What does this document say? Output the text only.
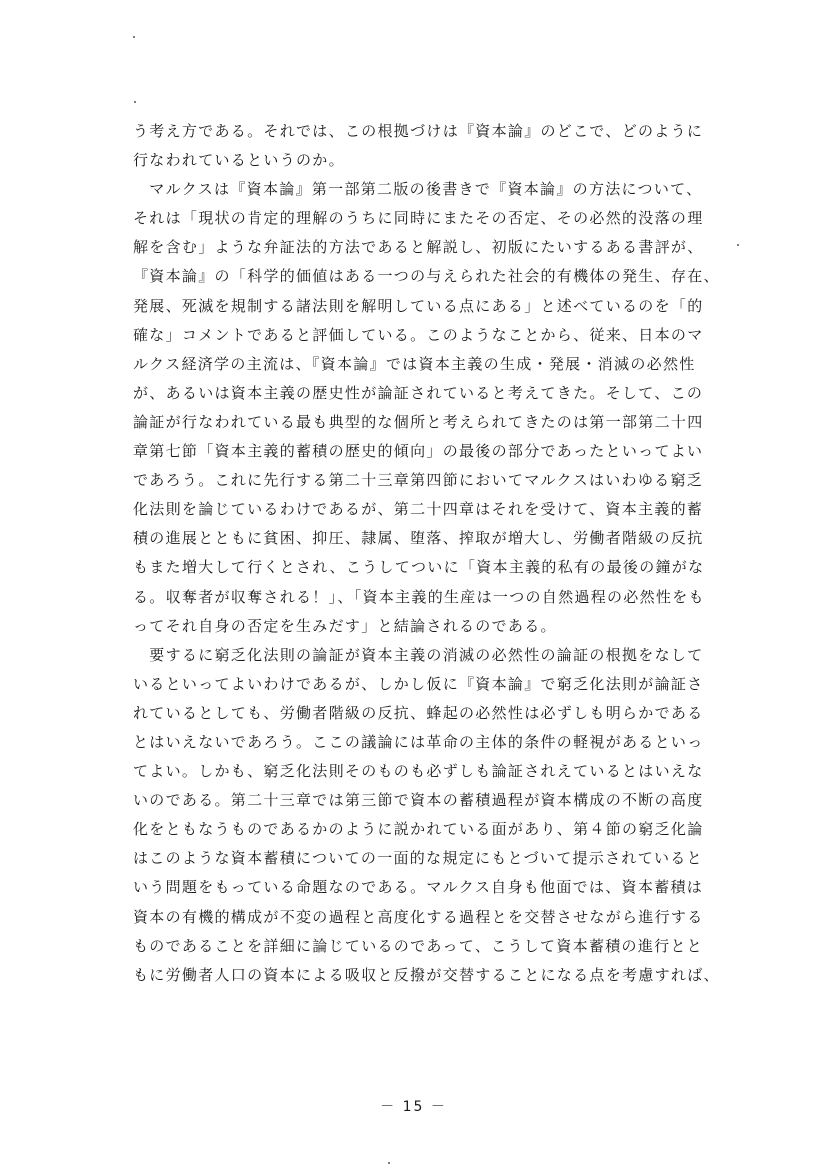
う考え方である。それでは、この根拠づけは『資本論』のどこで、どのように
行なわれているというのか。
　マルクスは『資本論』第一部第二版の後書きで『資本論』の方法について、
それは「現状の肯定的理解のうちに同時にまたその否定、その必然的没落の理
解を含む」ような弁証法的方法であると解説し、初版にたいするある書評が、
『資本論』の「科学的価値はある一つの与えられた社会的有機体の発生、存在、
発展、死滅を規制する諸法則を解明している点にある」と述べているのを「的
確な」コメントであると評価している。このようなことから、従来、日本のマ
ルクス経済学の主流は、『資本論』では資本主義の生成・発展・消滅の必然性
が、あるいは資本主義の歴史性が論証されていると考えてきた。そして、この
論証が行なわれている最も典型的な個所と考えられてきたのは第一部第二十四
章第七節「資本主義的蓄積の歴史的傾向」の最後の部分であったといってよい
であろう。これに先行する第二十三章第四節においてマルクスはいわゆる窮乏
化法則を論じているわけであるが、第二十四章はそれを受けて、資本主義的蓄
積の進展とともに貧困、抑圧、隷属、堕落、搾取が増大し、労働者階級の反抗
もまた増大して行くとされ、こうしてついに「資本主義的私有の最後の鐘がな
る。収奪者が収奪される！」、「資本主義的生産は一つの自然過程の必然性をも
ってそれ自身の否定を生みだす」と結論されるのである。
　要するに窮乏化法則の論証が資本主義の消滅の必然性の論証の根拠をなして
いるといってよいわけであるが、しかし仮に『資本論』で窮乏化法則が論証さ
れているとしても、労働者階級の反抗、蜂起の必然性は必ずしも明らかである
とはいえないであろう。ここの議論には革命の主体的条件の軽視があるといっ
てよい。しかも、窮乏化法則そのものも必ずしも論証されえているとはいえな
いのである。第二十三章では第三節で資本の蓄積過程が資本構成の不断の高度
化をともなうものであるかのように説かれている面があり、第４節の窮乏化論
はこのような資本蓄積についての一面的な規定にもとづいて提示されていると
いう問題をもっている命題なのである。マルクス自身も他面では、資本蓄積は
資本の有機的構成が不変の過程と高度化する過程とを交替させながら進行する
ものであることを詳細に論じているのであって、こうして資本蓄積の進行とと
もに労働者人口の資本による吸収と反撥が交替することになる点を考慮すれば、
－ 15 －
